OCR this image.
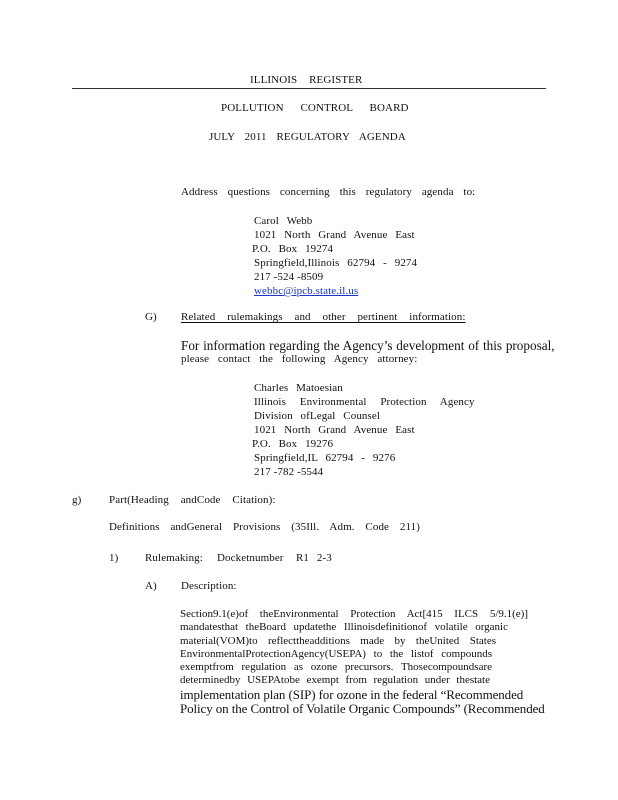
ILLINOIS REGISTER
POLLUTION CONTROL BOARD
JULY 2011 REGULATORY AGENDA
Address questions concerning this regulatory agenda to:
Carol Webb
1021 North Grand Avenue East
P.O. Box 19274
Springfield,Illinois 62794 - 9274
217 -524 -8509
webbc@ipcb.state.il.us
G) Related rulemakings and other pertinent information:
For information regarding the Agency’s development of this proposal,
please contact the following Agency attorney:
Charles Matoesian
Illinois Environmental Protection Agency
Division ofLegal Counsel
1021 North Grand Avenue East
P.O. Box 19276
Springfield,IL 62794 - 9276
217 -782 -5544
g)	Part(Heading andCode Citation):
Definitions andGeneral Provisions (35Ill. Adm. Code 211)
1) Rulemaking: Docketnumber R1 2-3
A) Description:
Section9.1(e)of theEnvironmental Protection Act[415 ILCS 5/9.1(e)]
mandatesthat theBoard updatethe Illinoisdefinitionof volatile organic
material(VOM)to reflecttheadditions made by theUnited States
EnvironmentalProtectionAgency(USEPA) to the listof compounds
exemptfrom regulation as ozone precursors. Thosecompoundsare
determinedby USEPAtobe exempt from regulation under thestate
implementation plan (SIP) for ozone in the federal “Recommended
Policy on the Control of Volatile Organic Compounds” (Recommended
